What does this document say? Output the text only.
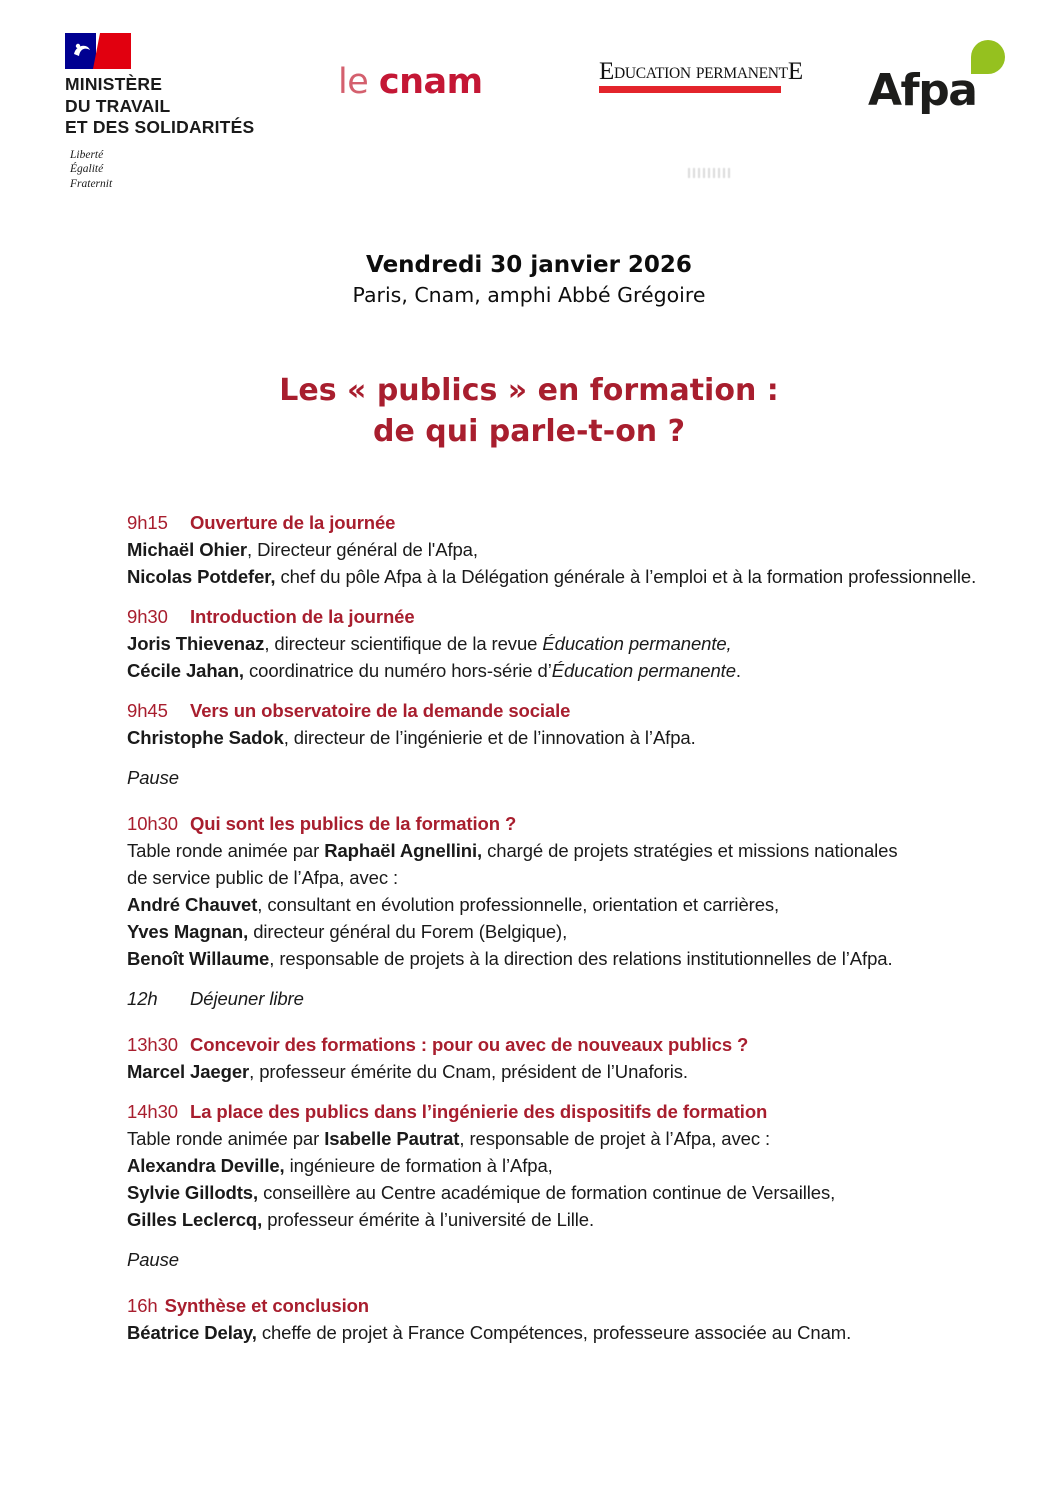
MINISTÈRE
DU TRAVAIL
ET DES SOLIDARITÉS
Liberté
Égalité
Fraternit
le cnam	EDUCATION PERMANENTE Afpa
Vendredi 30 janvier 2026
Paris, Cnam, amphi Abbé Grégoire
Les « publics » en formation :
de qui parle-t-on ?
9h15 Ouverture de la journée
Michaël Ohier, Directeur général de l'Afpa,
Nicolas Potdefer, chef du pôle Afpa à la Délégation générale à l’emploi et à la formation professionnelle.
9h30 Introduction de la journée
Joris Thievenaz, directeur scientifique de la revue Éducation permanente,
Cécile Jahan, coordinatrice du numéro hors-série d’Éducation permanente.
9h45 Vers un observatoire de la demande sociale
Christophe Sadok, directeur de l’ingénierie et de l’innovation à l’Afpa.
Pause
10h30 Qui sont les publics de la formation ?
Table ronde animée par Raphaël Agnellini, chargé de projets stratégies et missions nationales
de service public de l’Afpa, avec :
André Chauvet, consultant en évolution professionnelle, orientation et carrières,
Yves Magnan, directeur général du Forem (Belgique),
Benoît Willaume, responsable de projets à la direction des relations institutionnelles de l’Afpa.
12h Déjeuner libre
13h30 Concevoir des formations : pour ou avec de nouveaux publics ?
Marcel Jaeger, professeur émérite du Cnam, président de l’Unaforis.
14h30 La place des publics dans l’ingénierie des dispositifs de formation
Table ronde animée par Isabelle Pautrat, responsable de projet à l’Afpa, avec :
Alexandra Deville, ingénieure de formation à l’Afpa,
Sylvie Gillodts, conseillère au Centre académique de formation continue de Versailles,
Gilles Leclercq, professeur émérite à l’université de Lille.
Pause
16h Synthèse et conclusion
Béatrice Delay, cheffe de projet à France Compétences, professeure associée au Cnam.
